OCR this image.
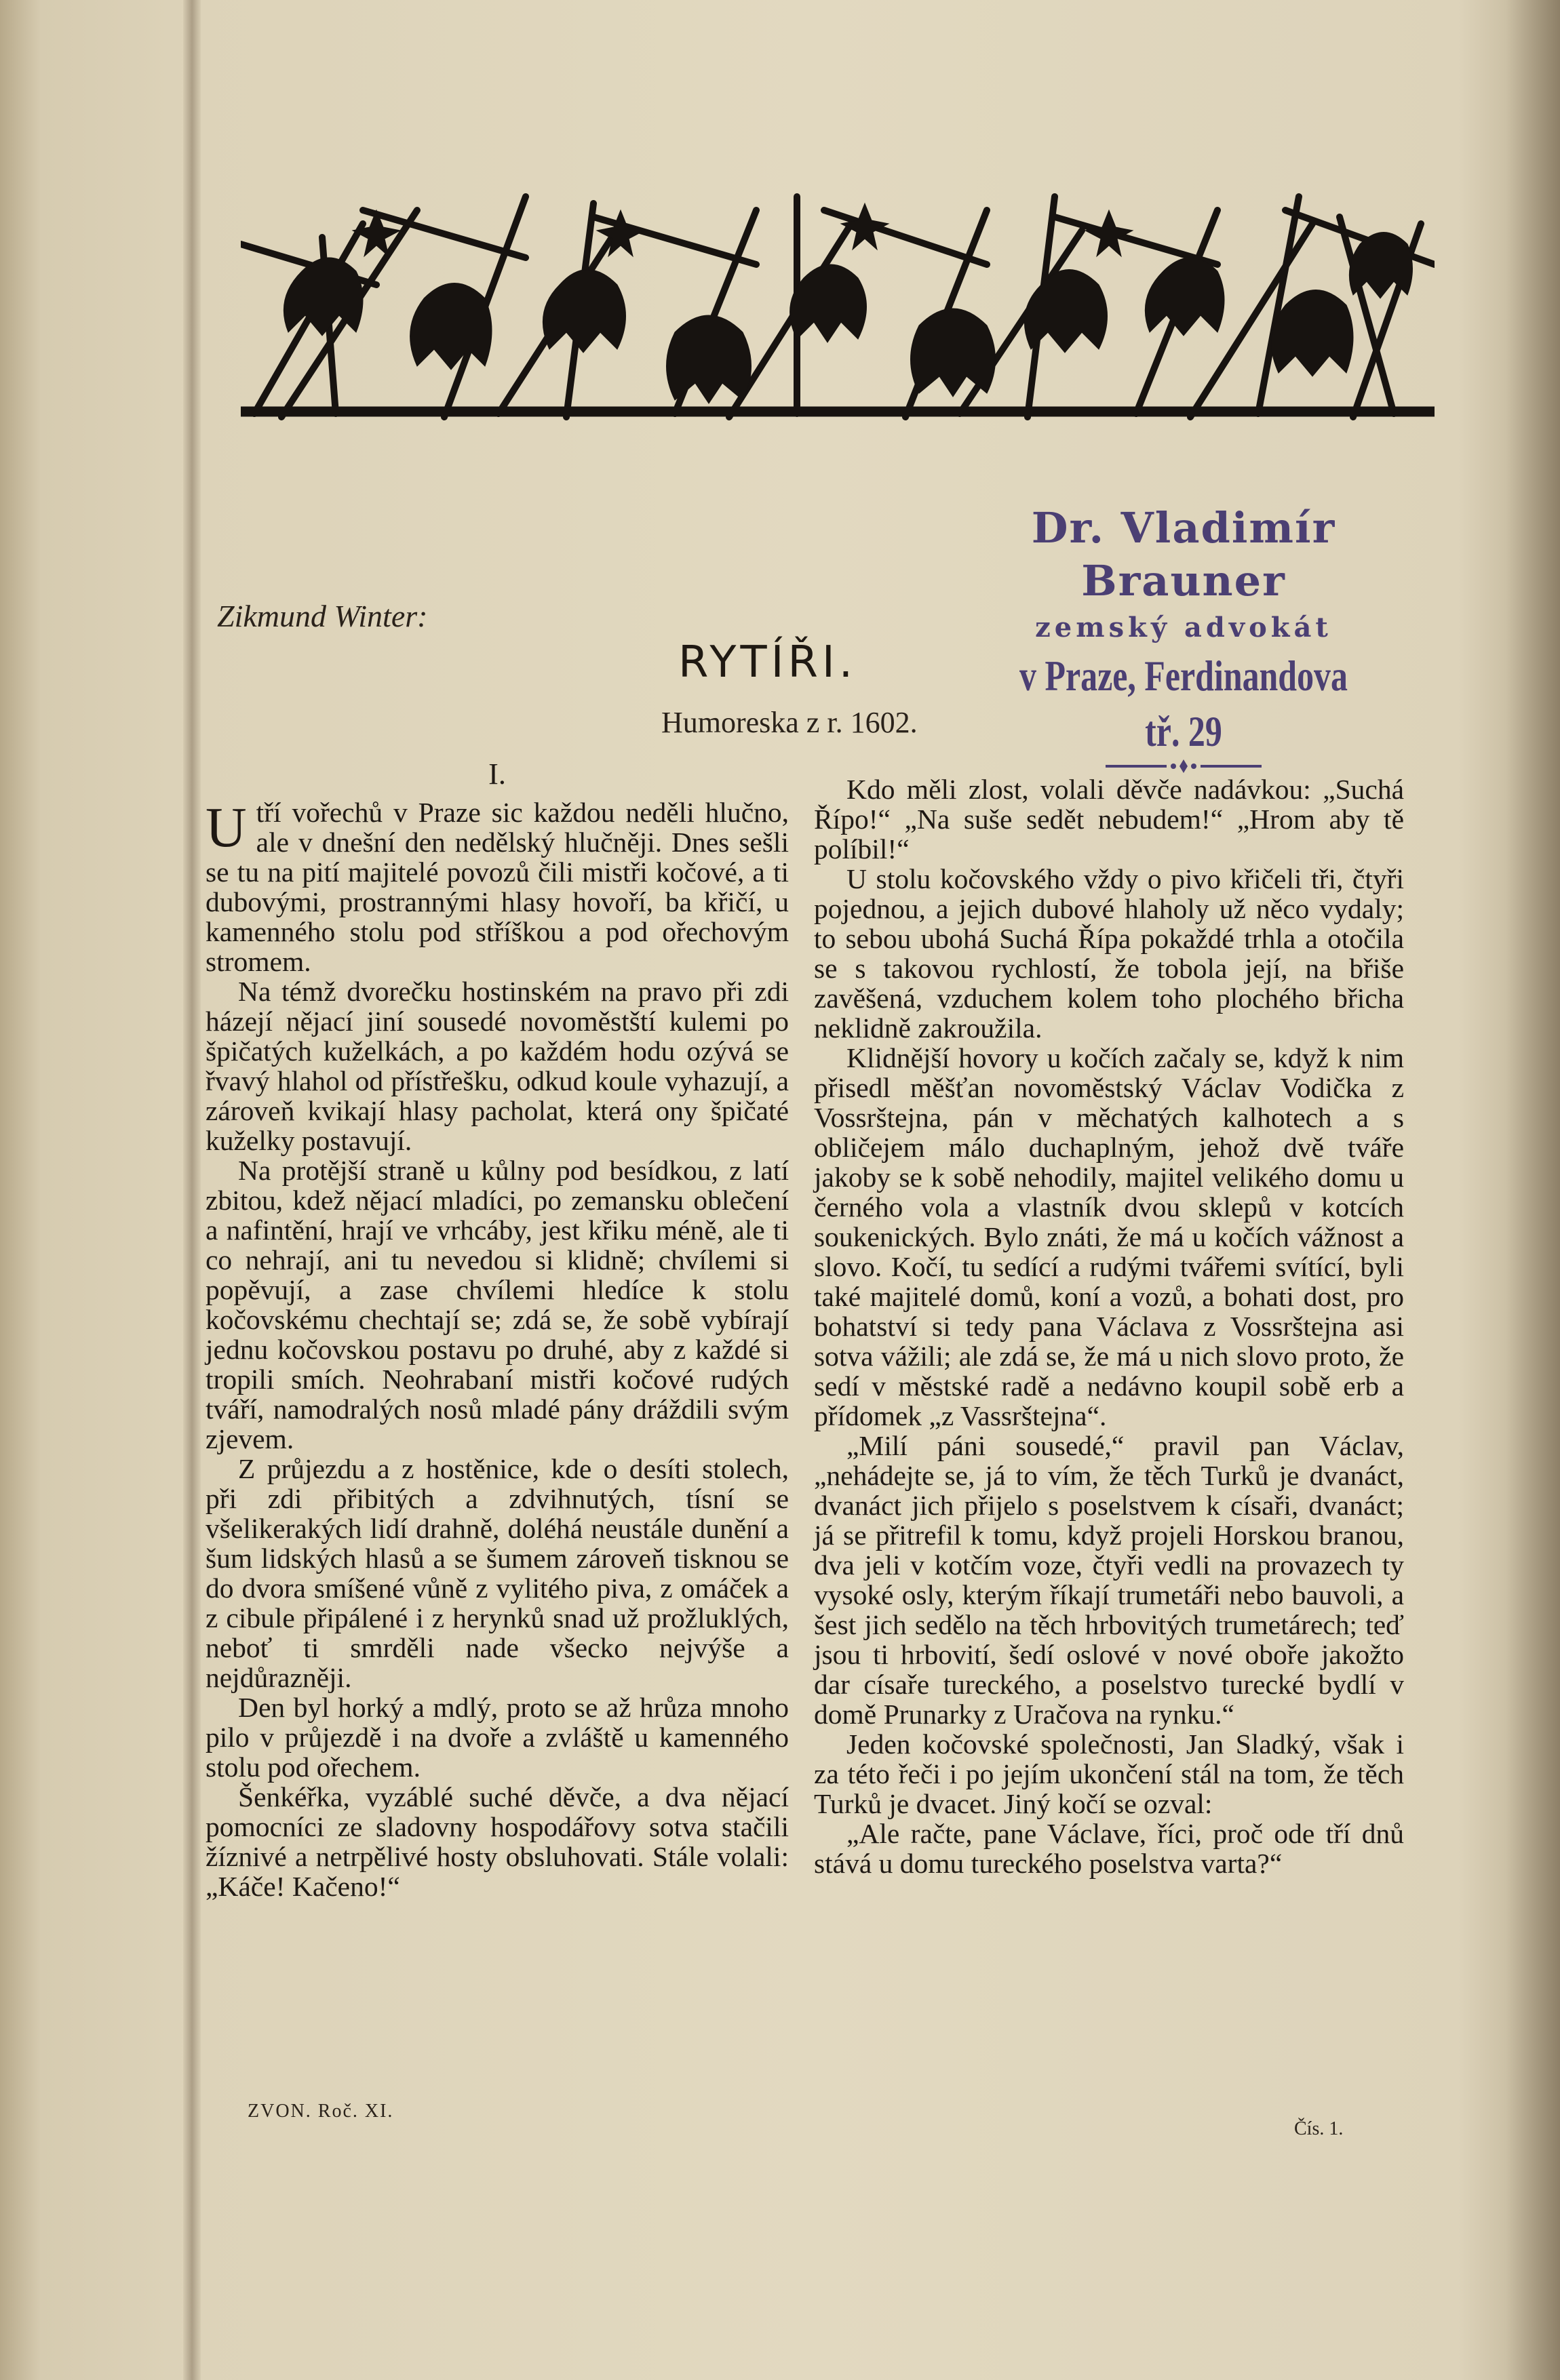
Dr. Vladimír Brauner
zemský advokát
v Praze, Ferdinandova tř. 29
Zikmund Winter:
RYTÍŘI.
Humoreska z r. 1602.
I.

Utří vořechů v Praze sic každou neděli hlučno, ale v dnešní den nedělský hlučněji. Dnes sešli se tu na pití majitelé povozů čili mistři kočové, a ti dubovými, prostrannými hlasy hovoří, ba křičí, u kamenného stolu pod stříškou a pod ořechovým stromem.

Na témž dvorečku hostinském na pravo při zdi házejí nějací jiní sousedé novoměstští kulemi po špičatých kuželkách, a po každém hodu ozývá se řvavý hlahol od přístřešku, odkud koule vyhazují, a zároveň kvikají hlasy pacholat, která ony špičaté kuželky postavují.

Na protější straně u kůlny pod besídkou, z latí zbitou, kdež nějací mladíci, po zemansku oblečení a nafintění, hrají ve vrhcáby, jest křiku méně, ale ti co nehrají, ani tu nevedou si klidně; chvílemi si popěvují, a zase chvílemi hledíce k stolu kočovskému chechtají se; zdá se, že sobě vybírají jednu kočovskou postavu po druhé, aby z každé si tropili smích. Neohrabaní mistři kočové rudých tváří, namodralých nosů mladé pány dráždili svým zjevem.

Z průjezdu a z hostěnice, kde o desíti stolech, při zdi přibitých a zdvihnutých, tísní se všelikerakých lidí drahně, doléhá neustále dunění a šum lidských hlasů a se šumem zároveň tisknou se do dvora smíšené vůně z vylitého piva, z omáček a z cibule připálené i z herynků snad už prožluklých, neboť ti smrděli nade všecko nejvýše a nejdůrazněji.

Den byl horký a mdlý, proto se až hrůza mnoho pilo v průjezdě i na dvoře a zvláště u kamenného stolu pod ořechem.

Šenkéřka, vyzáblé suché děvče, a dva nějací pomocníci ze sladovny hospodářovy sotva stačili žíznivé a netrpělivé hosty obsluhovati. Stále volali: „Káče! Kačeno!“

Kdo měli zlost, volali děvče nadávkou: „Suchá Řípo!“ „Na suše sedět nebudem!“ „Hrom aby tě políbil!“

U stolu kočovského vždy o pivo křičeli tři, čtyři pojednou, a jejich dubové hlaholy už něco vydaly; to sebou ubohá Suchá Řípa pokaždé trhla a otočila se s takovou rychlostí, že tobola její, na břiše zavěšená, vzduchem kolem toho plochého břicha neklidně zakroužila.

Klidnější hovory u kočích začaly se, když k nim přisedl měšťan novoměstský Václav Vodička z Vossrštejna, pán v měchatých kalhotech a s obličejem málo duchaplným, jehož dvě tváře jakoby se k sobě nehodily, majitel velikého domu u černého vola a vlastník dvou sklepů v kotcích soukenických. Bylo znáti, že má u kočích vážnost a slovo. Kočí, tu sedící a rudými tvářemi svítící, byli také majitelé domů, koní a vozů, a bohati dost, pro bohatství si tedy pana Václava z Vossrštejna asi sotva vážili; ale zdá se, že má u nich slovo proto, že sedí v městské radě a nedávno koupil sobě erb a přídomek „z Vassrštejna“.

„Milí páni sousedé,“ pravil pan Václav, „nehádejte se, já to vím, že těch Turků je dvanáct, dvanáct jich přijelo s poselstvem k císaři, dvanáct; já se přitrefil k tomu, když projeli Horskou branou, dva jeli v kotčím voze, čtyři vedli na provazech ty vysoké osly, kterým říkají trumetáři nebo bauvoli, a šest jich sedělo na těch hrbovitých trumetárech; teď jsou ti hrbovití, šedí oslové v nové oboře jakožto dar císaře tureckého, a poselstvo turecké bydlí v domě Prunarky z Uračova na rynku.“

Jeden kočovské společnosti, Jan Sladký, však i za této řeči i po jejím ukončení stál na tom, že těch Turků je dvacet. Jiný kočí se ozval:

„Ale račte, pane Václave, říci, proč ode tří dnů stává u domu tureckého poselstva varta?“

ZVON. Roč. XI.
Čís. 1.
